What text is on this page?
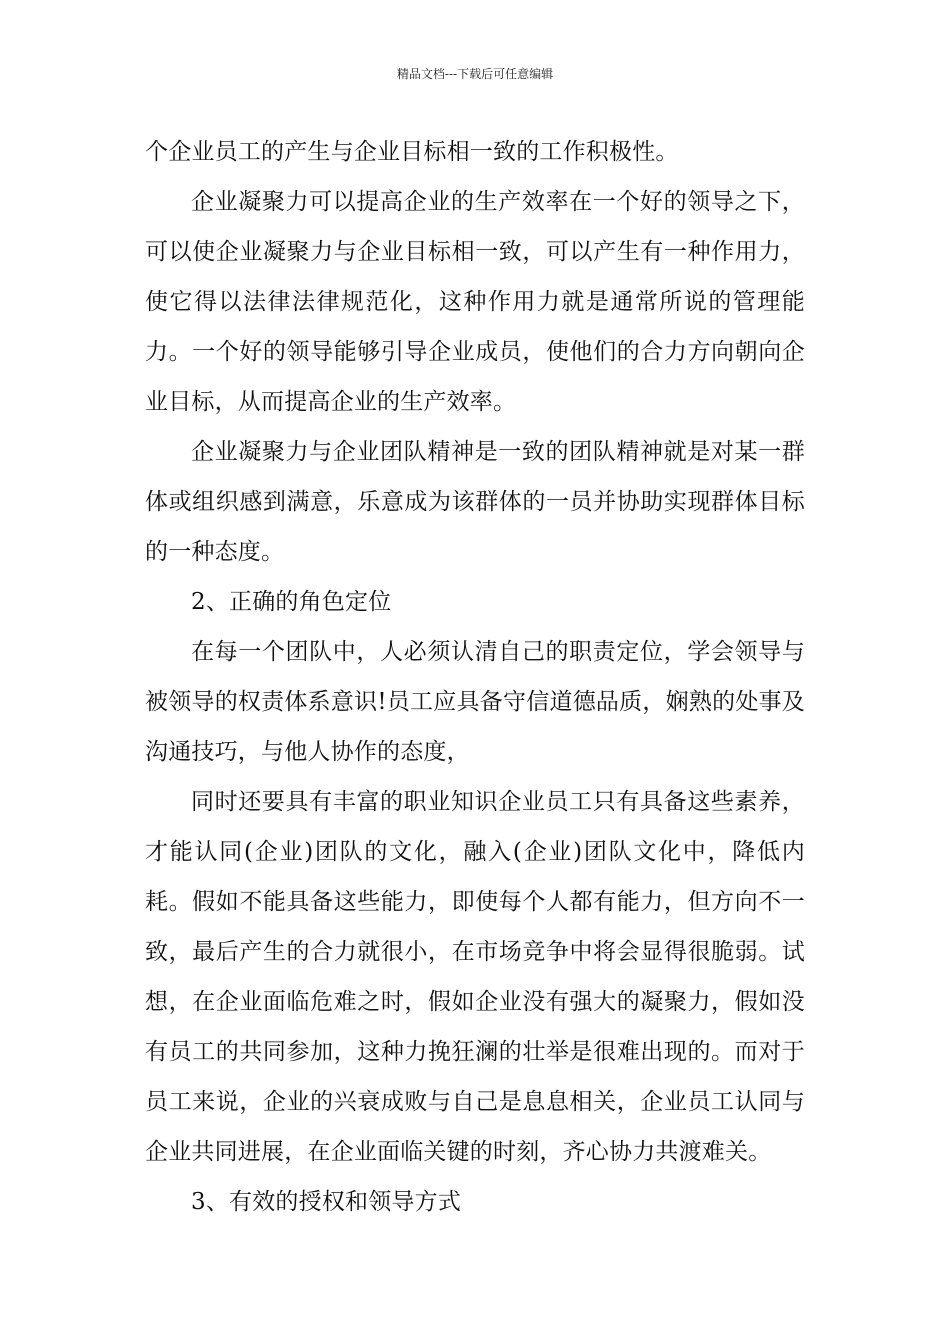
精品文档---下载后可任意编辑

个企业员工的产生与企业目标相一致的工作积极性。

企业凝聚力可以提高企业的生产效率在一个好的领导之下，可以使企业凝聚力与企业目标相一致，可以产生有一种作用力，使它得以法律法律规范化，这种作用力就是通常所说的管理能力。一个好的领导能够引导企业成员，使他们的合力方向朝向企业目标，从而提高企业的生产效率。

企业凝聚力与企业团队精神是一致的团队精神就是对某一群体或组织感到满意，乐意成为该群体的一员并协助实现群体目标的一种态度。

2、正确的角色定位

在每一个团队中，人必须认清自己的职责定位，学会领导与被领导的权责体系意识!员工应具备守信道德品质，娴熟的处事及沟通技巧，与他人协作的态度，

同时还要具有丰富的职业知识企业员工只有具备这些素养，才能认同(企业)团队的文化，融入(企业)团队文化中，降低内耗。假如不能具备这些能力，即使每个人都有能力，但方向不一致，最后产生的合力就很小，在市场竞争中将会显得很脆弱。试想，在企业面临危难之时，假如企业没有强大的凝聚力，假如没有员工的共同参加，这种力挽狂澜的壮举是很难出现的。而对于员工来说，企业的兴衰成败与自己是息息相关，企业员工认同与企业共同进展，在企业面临关键的时刻，齐心协力共渡难关。

3、有效的授权和领导方式
